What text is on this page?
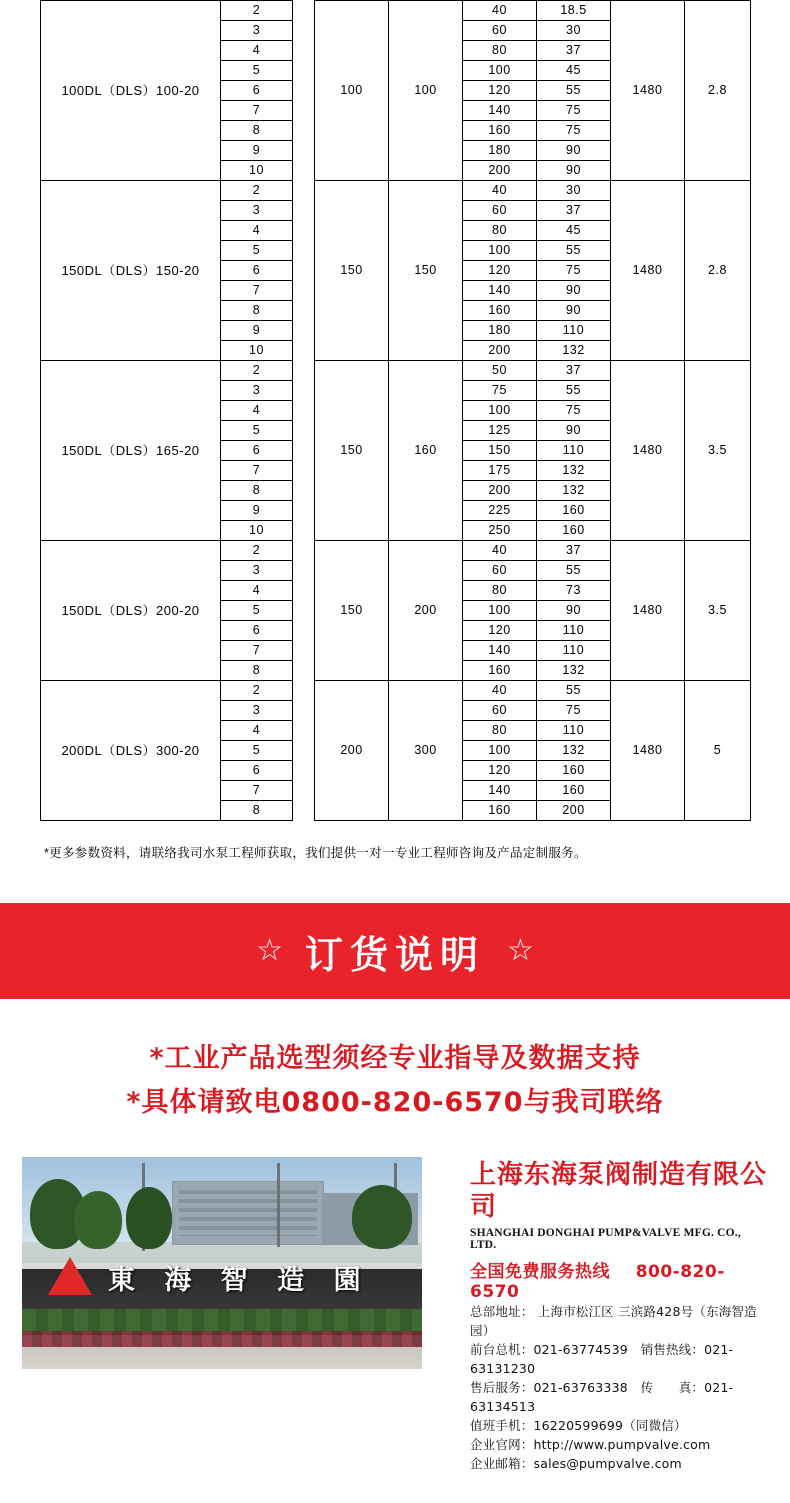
100DL（DLS）100-20	2		100	100	40	18.5	1480	2.8
	3				60	30		
	4				80	37		
	5				100	45		
	6				120	55		
	7				140	75		
	8				160	75		
	9				180	90		
	10				200	90		
150DL（DLS）150-20	2		150	150	40	30	1480	2.8
	3				60	37		
	4				80	45		
	5				100	55		
	6				120	75		
	7				140	90		
	8				160	90		
	9				180	110		
	10				200	132		
150DL（DLS）165-20	2		150	160	50	37	1480	3.5
	3				75	55		
	4				100	75		
	5				125	90		
	6				150	110		
	7				175	132		
	8				200	132		
	9				225	160		
	10				250	160		
150DL（DLS）200-20	2		150	200	40	37	1480	3.5
	3				60	55		
	4				80	73		
	5				100	90		
	6				120	110		
	7				140	110		
	8				160	132		
200DL（DLS）300-20	2		200	300	40	55	1480	5
	3				60	75		
	4				80	110		
	5				100	132		
	6				120	160		
	7				140	160		
	8				160	200		
*更多参数资料，请联络我司水泵工程师获取，我们提供一对一专业工程师咨询及产品定制服务。
☆ 订货说明 ☆
*工业产品选型须经专业指导及数据支持
*具体请致电0800-820-6570与我司联络
東 海 智 造 園
上海东海泵阀制造有限公司
SHANGHAI DONGHAI PUMP&VALVE MFG. CO., LTD.
全国免费服务热线 800-820-6570
总部地址： 上海市松江区 三滨路428号（东海智造园）
前台总机：021-63774539　销售热线：021-63131230
售后服务：021-63763338　传　　真：021-63134513
值班手机：16220599699（同微信）
企业官网：http://www.pumpvalve.com
企业邮箱：sales@pumpvalve.com
